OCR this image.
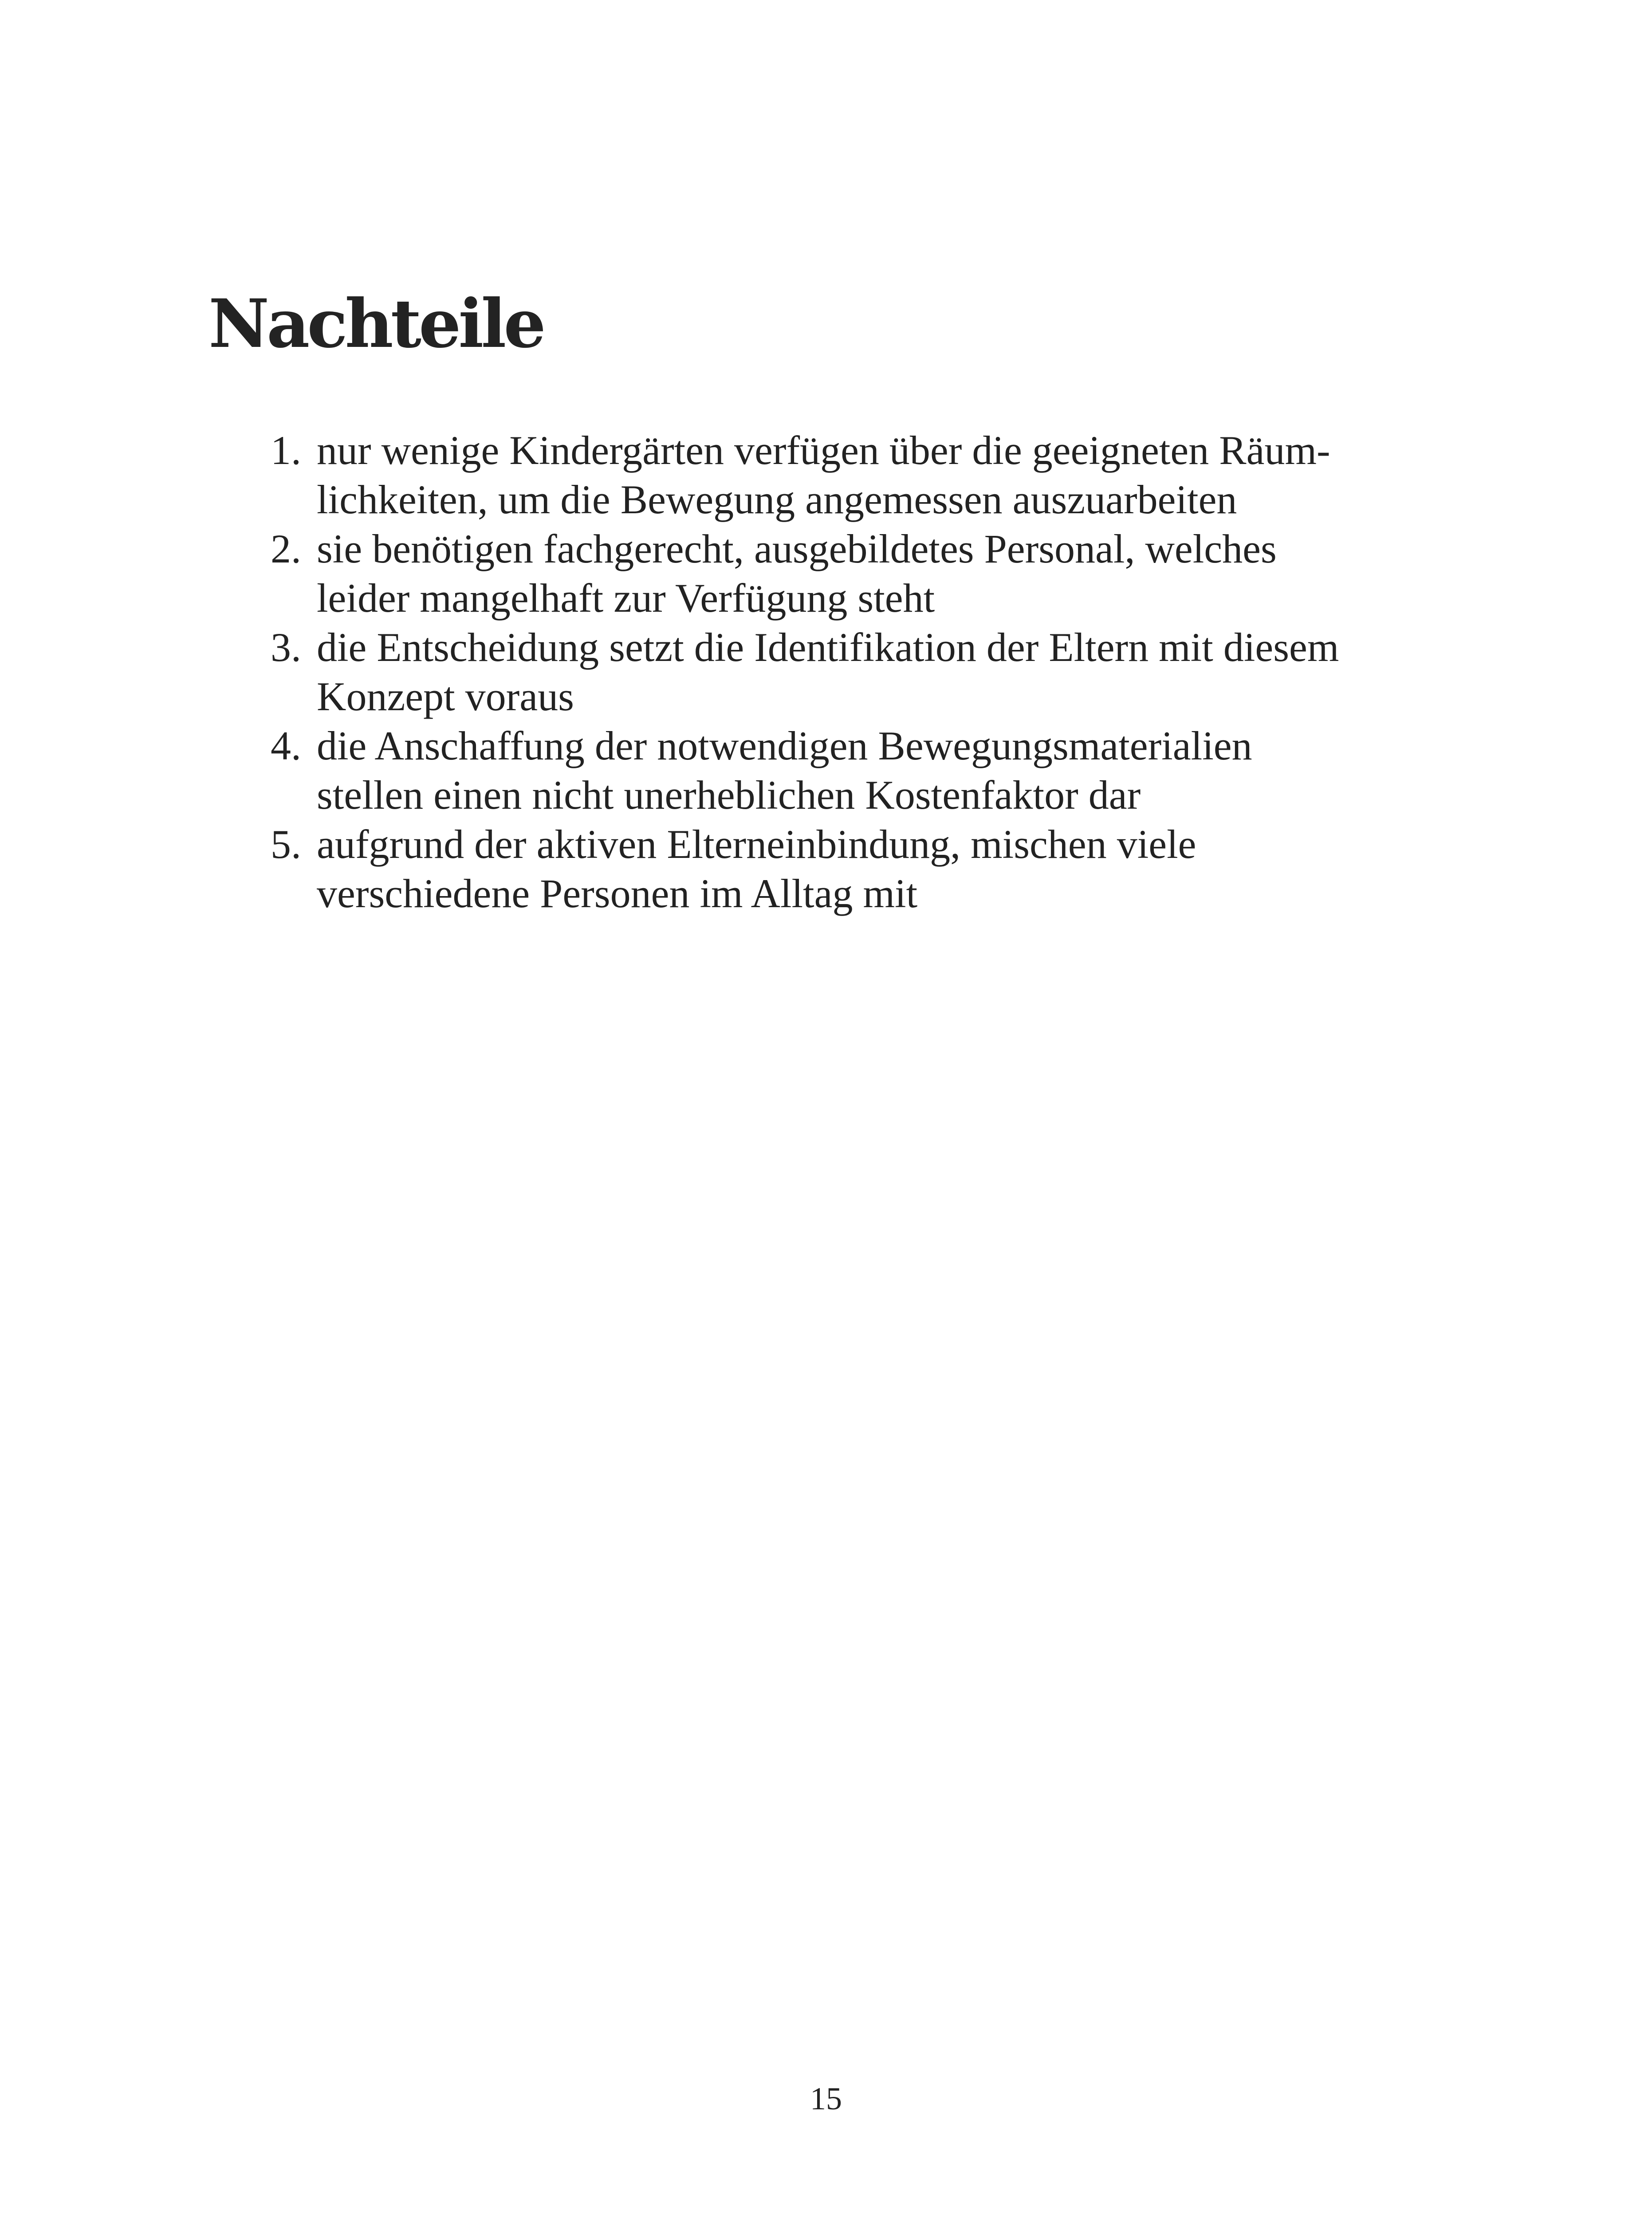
Nachteile
1. nur wenige Kindergärten verfügen über die geeigneten Räum-
lichkeiten, um die Bewegung angemessen auszuarbeiten
2. sie benötigen fachgerecht, ausgebildetes Personal, welches
leider mangelhaft zur Verfügung steht
3. die Entscheidung setzt die Identifikation der Eltern mit diesem
Konzept voraus
4. die Anschaffung der notwendigen Bewegungsmaterialien
stellen einen nicht unerheblichen Kostenfaktor dar
5. aufgrund der aktiven Elterneinbindung, mischen viele
verschiedene Personen im Alltag mit
15
